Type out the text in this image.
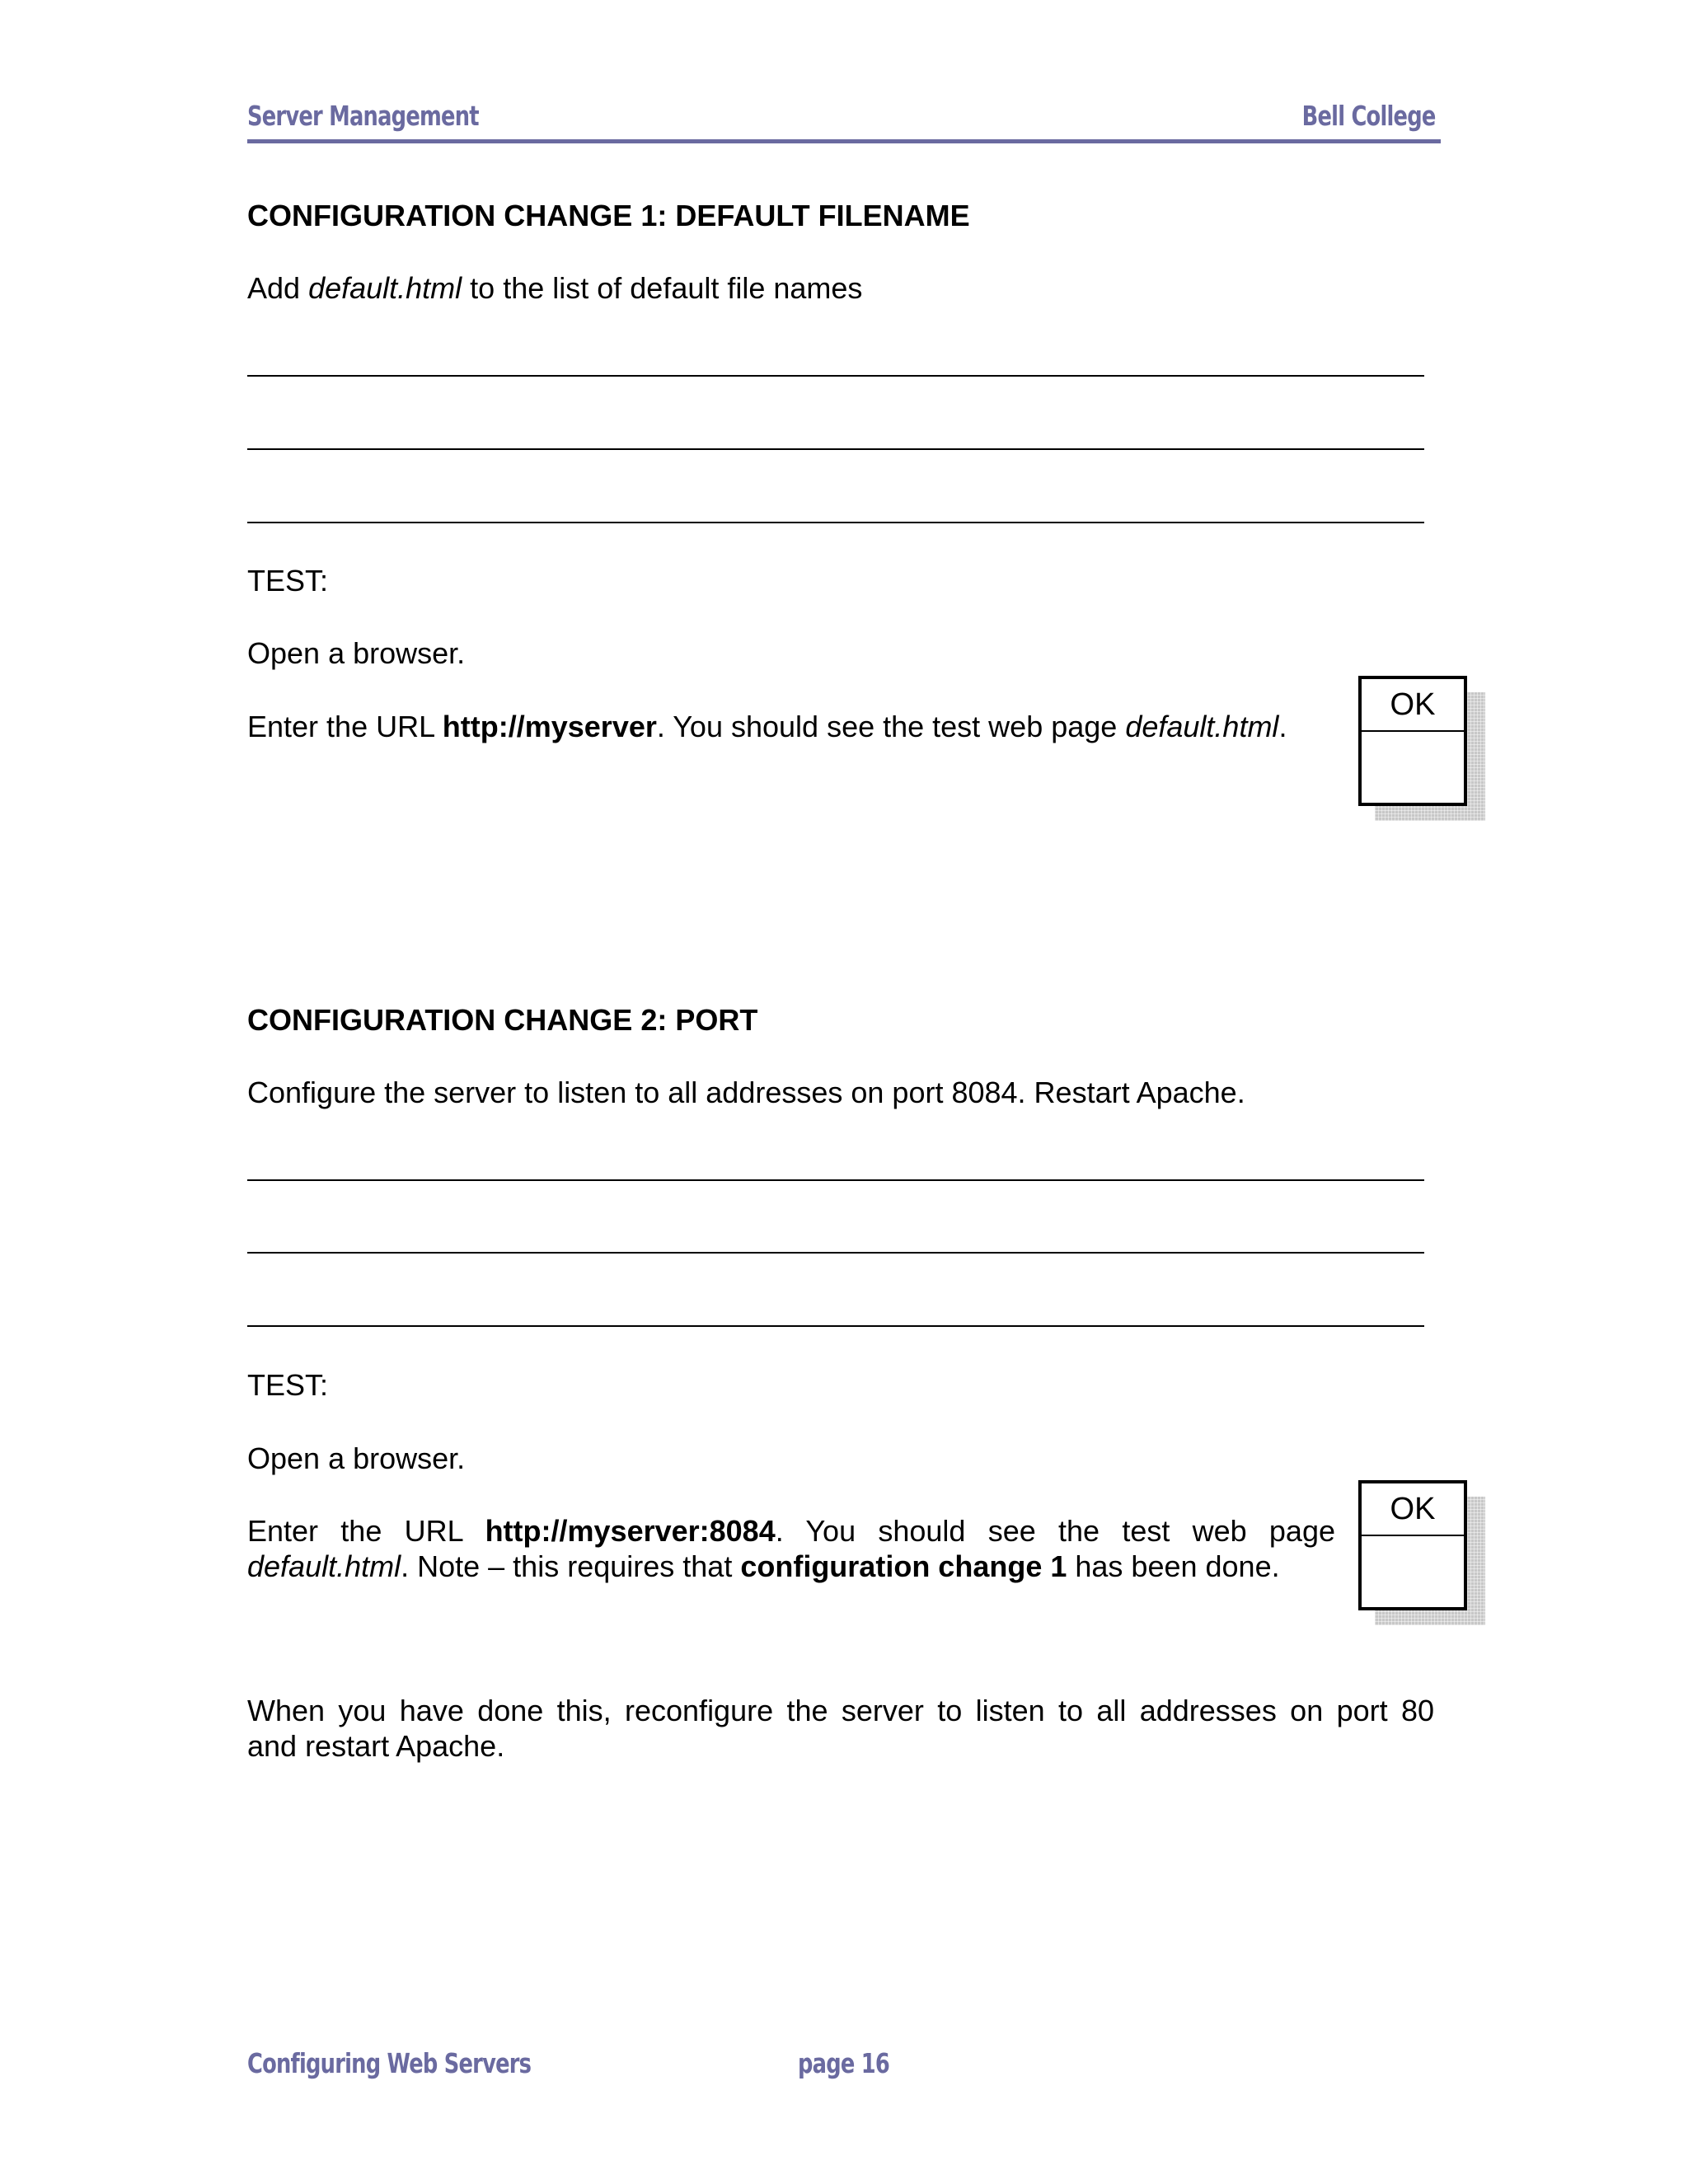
Server Management	Bell College
CONFIGURATION CHANGE 1: DEFAULT FILENAME
Add default.html to the list of default file names
TEST:
Open a browser.
Enter the URL http://myserver. You should see the test web page default.html.
OK
CONFIGURATION CHANGE 2: PORT
Configure the server to listen to all addresses on port 8084. Restart Apache.
TEST:
Open a browser.
Enter the URL http://myserver:8084. You should see the test web page
default.html. Note – this requires that configuration change 1 has been done.
OK
When you have done this, reconfigure the server to listen to all addresses on port 80
and restart Apache.
Configuring Web Servers	page 16
